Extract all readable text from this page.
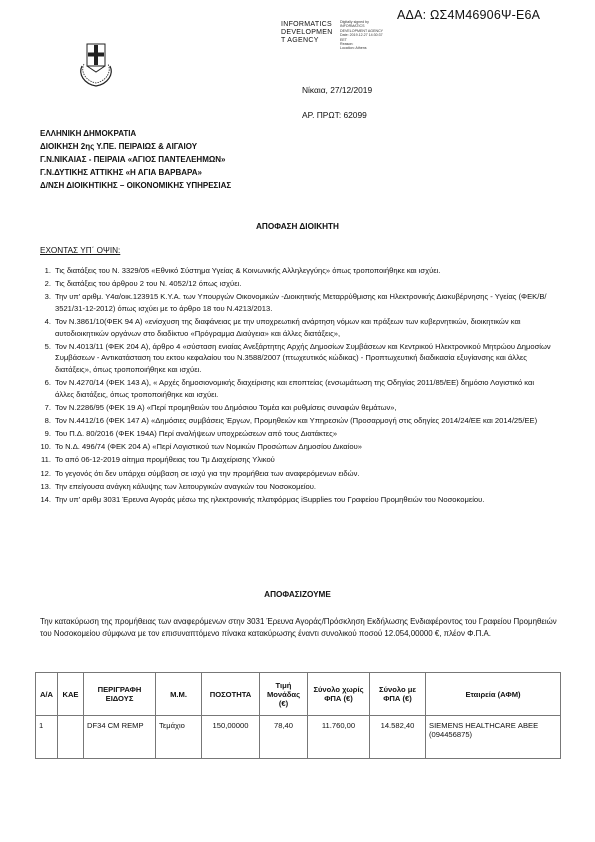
ΑΔΑ: ΩΣ4Μ46906Ψ-Ε6Α
INFORMATICS
DEVELOPMEN
T AGENCY
Digitally signed by
INFORMATICS
DEVELOPMENT AGENCY
Date: 2019.12.27 14:30:37
EET
Reason:
Location: Athens
Νίκαια, 27/12/2019
ΑΡ. ΠΡΩΤ: 62099
ΕΛΛΗΝΙΚΗ ΔΗΜΟΚΡΑΤΙΑ
ΔΙΟΙΚΗΣΗ 2ης Υ.ΠΕ. ΠΕΙΡΑΙΩΣ & ΑΙΓΑΙΟΥ
Γ.Ν.ΝΙΚΑΙΑΣ - ΠΕΙΡΑΙΑ «ΑΓΙΟΣ ΠΑΝΤΕΛΕΗΜΩΝ»
Γ.Ν.ΔΥΤΙΚΗΣ ΑΤΤΙΚΗΣ «Η ΑΓΙΑ ΒΑΡΒΑΡΑ»
Δ/ΝΣΗ ΔΙΟΙΚΗΤΙΚΗΣ – ΟΙΚΟΝΟΜΙΚΗΣ ΥΠΗΡΕΣΙΑΣ
ΑΠΟΦΑΣΗ ΔΙΟΙΚΗΤΗ
ΕΧΟΝΤΑΣ ΥΠ΄ ΟΨΙΝ:
1. Τις διατάξεις του Ν. 3329/05 «Εθνικό Σύστημα Υγείας & Κοινωνικής Αλληλεγγύης» όπως τροποποιήθηκε και ισχύει.
2. Τις διατάξεις του άρθρου 2 του Ν. 4052/12 όπως ισχύει.
3. Την υπ' αριθμ. Υ4α/οικ.123915 Κ.Υ.Α. των Υπουργών Οικονομικών -Διοικητικής Μεταρρύθμισης και Ηλεκτρονικής Διακυβέρνησης - Υγείας (ΦΕΚ/Β/ 3521/31-12-2012) όπως ισχύει με το άρθρο 18 του Ν.4213/2013.
4. Τον Ν.3861/10(ΦΕΚ 94 Α) «ενίσχυση της διαφάνειας με την υποχρεωτική ανάρτηση νόμων και πράξεων των κυβερνητικών, διοικητικών και αυτοδιοικητικών οργάνων στο διαδίκτυο «Πρόγραμμα Διαύγεια» και άλλες διατάξεις»,
5. Τον Ν.4013/11 (ΦΕΚ 204 Α), άρθρο 4 «σύσταση ενιαίας Ανεξάρτητης Αρχής Δημοσίων Συμβάσεων και Κεντρικού Ηλεκτρονικού Μητρώου Δημοσίων Συμβάσεων - Αντικατάσταση του εκτου κεφαλαίου του Ν.3588/2007 (πτωχευτικός κώδικας) - Προπτωχευτική διαδικασία εξυγίανσης και άλλες διατάξεις», όπως τροποποιήθηκε και ισχύει.
6. Τον Ν.4270/14 (ΦΕΚ 143 Α), « Αρχές δημοσιονομικής διαχείρισης και εποπτείας (ενσωμάτωση της Οδηγίας 2011/85/ΕΕ) δημόσιο Λογιστικό και άλλες διατάξεις, όπως τροποποιήθηκε και ισχύει.
7. Τον Ν.2286/95 (ΦΕΚ 19 Α) «Περί προμηθειών του Δημόσιου Τομέα και ρυθμίσεις συναφών θεμάτων»,
8. Τον Ν.4412/16 (ΦΕΚ 147 Α) «Δημόσιες συμβάσεις Έργων, Προμηθειών και Υπηρεσιών (Προσαρμογή στις οδηγίες 2014/24/ΕΕ και 2014/25/ΕΕ)
9. Του Π.Δ. 80/2016 (ΦΕΚ 194Α) Περί αναλήψεων υποχρεώσεων από τους Διατάκτες»
10. Το Ν.Δ. 496/74 (ΦΕΚ 204 Α) «Περί Λογιστικού των Νομικών Προσώπων Δημοσίου Δικαίου»
11. Το από 06-12-2019 αίτημα προμήθειας του Τμ Διαχείρισης Υλικού
12. Το γεγονός ότι δεν υπάρχει σύμβαση σε ισχύ για την προμήθεια των αναφερόμενων ειδών.
13. Την επείγουσα ανάγκη κάλυψης των λειτουργικών αναγκών του Νοσοκομείου.
14. Την υπ' αριθμ 3031 Έρευνα Αγοράς μέσω της ηλεκτρονικής πλατφόρμας iSupplies του Γραφείου Προμηθειών του Νοσοκομείου.
ΑΠΟΦΑΣΙΖΟΥΜΕ
Την κατακύρωση της προμήθειας των αναφερόμενων στην 3031 Έρευνα Αγοράς/Πρόσκληση Εκδήλωσης Ενδιαφέροντος του Γραφείου Προμηθειών του Νοσοκομείου σύμφωνα με τον επισυναπτόμενο πίνακα κατακύρωσης έναντι συνολικού ποσού 12.054,00000 €, πλέον Φ.Π.Α.
Α/Α	ΚΑΕ	ΠΕΡΙΓΡΑΦΗ ΕΙΔΟΥΣ	Μ.Μ.	ΠΟΣΟΤΗΤΑ	Τιμή Μονάδας (€)	Σύνολο χωρίς ΦΠΑ (€)	Σύνολο με ΦΠΑ (€)	Εταιρεία (ΑΦΜ)
1		DF34 CM REMP	Τεμάχιο	150,00000	78,40	11.760,00	14.582,40	SIEMENS HEALTHCARE ΑΒΕΕ (094456875)
